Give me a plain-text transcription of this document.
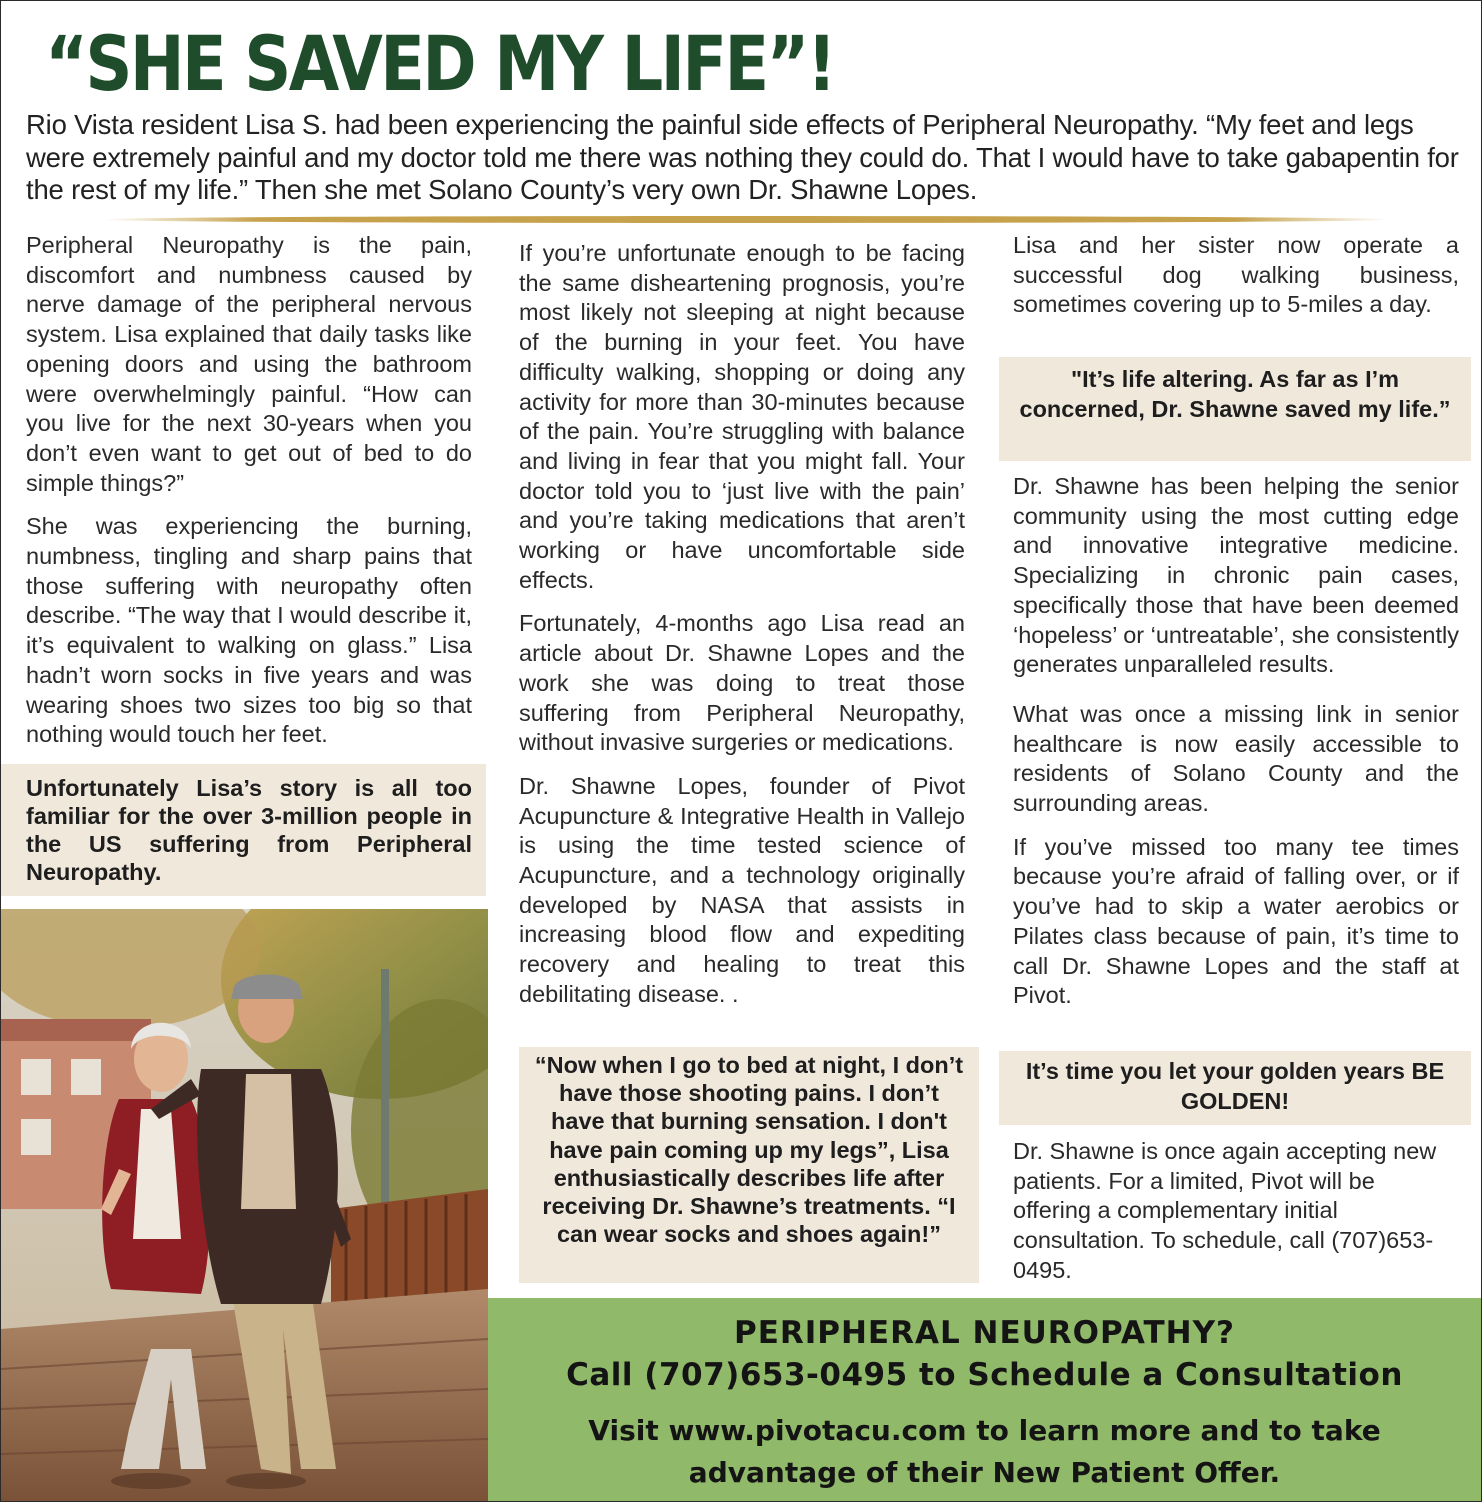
“SHE SAVED MY LIFE”!

Rio Vista resident Lisa S. had been experiencing the painful side effects of Peripheral Neuropathy. “My feet and legs were extremely painful and my doctor told me there was nothing they could do. That I would have to take gabapentin for the rest of my life.” Then she met Solano County’s very own Dr. Shawne Lopes.

Peripheral Neuropathy is the pain, discomfort and numbness caused by nerve damage of the peripheral nervous system. Lisa explained that daily tasks like opening doors and using the bathroom were overwhelmingly painful. “How can you live for the next 30-years when you don’t even want to get out of bed to do simple things?”

She was experiencing the burning, numbness, tingling and sharp pains that those suffering with neuropathy often describe. “The way that I would describe it, it’s equivalent to walking on glass.” Lisa hadn’t worn socks in five years and was wearing shoes two sizes too big so that nothing would touch her feet.

Unfortunately Lisa’s story is all too familiar for the over 3-million people in the US suffering from Peripheral Neuropathy.

If you’re unfortunate enough to be facing the same disheartening prognosis, you’re most likely not sleeping at night because of the burning in your feet. You have difficulty walking, shopping or doing any activity for more than 30-minutes because of the pain. You’re struggling with balance and living in fear that you might fall. Your doctor told you to ‘just live with the pain’ and you’re taking medications that aren’t working or have uncomfortable side effects.

Fortunately, 4-months ago Lisa read an article about Dr. Shawne Lopes and the work she was doing to treat those suffering from Peripheral Neuropathy, without invasive surgeries or medications.

Dr. Shawne Lopes, founder of Pivot Acupuncture & Integrative Health in Vallejo is using the time tested science of Acupuncture, and a technology originally developed by NASA that assists in increasing blood flow and expediting recovery and healing to treat this debilitating disease. .

“Now when I go to bed at night, I don’t have those shooting pains. I don’t have that burning sensation. I don't have pain coming up my legs”, Lisa enthusiastically describes life after receiving Dr. Shawne’s treatments. “I can wear socks and shoes again!”

Lisa and her sister now operate a successful dog walking business, sometimes covering up to 5-miles a day.

"It’s life altering. As far as I’m concerned, Dr. Shawne saved my life.”

Dr. Shawne has been helping the senior community using the most cutting edge and innovative integrative medicine. Specializing in chronic pain cases, specifically those that have been deemed ‘hopeless’ or ‘untreatable’, she consistently generates unparalleled results.

What was once a missing link in senior healthcare is now easily accessible to residents of Solano County and the surrounding areas.

If you’ve missed too many tee times because you’re afraid of falling over, or if you’ve had to skip a water aerobics or Pilates class because of pain, it’s time to call Dr. Shawne Lopes and the staff at Pivot.

It’s time you let your golden years BE GOLDEN!

Dr. Shawne is once again accepting new patients. For a limited, Pivot will be offering a complementary initial consultation. To schedule, call (707)653-0495.

PERIPHERAL NEUROPATHY?
Call (707)653-0495 to Schedule a Consultation
Visit www.pivotacu.com to learn more and to take
advantage of their New Patient Offer.
